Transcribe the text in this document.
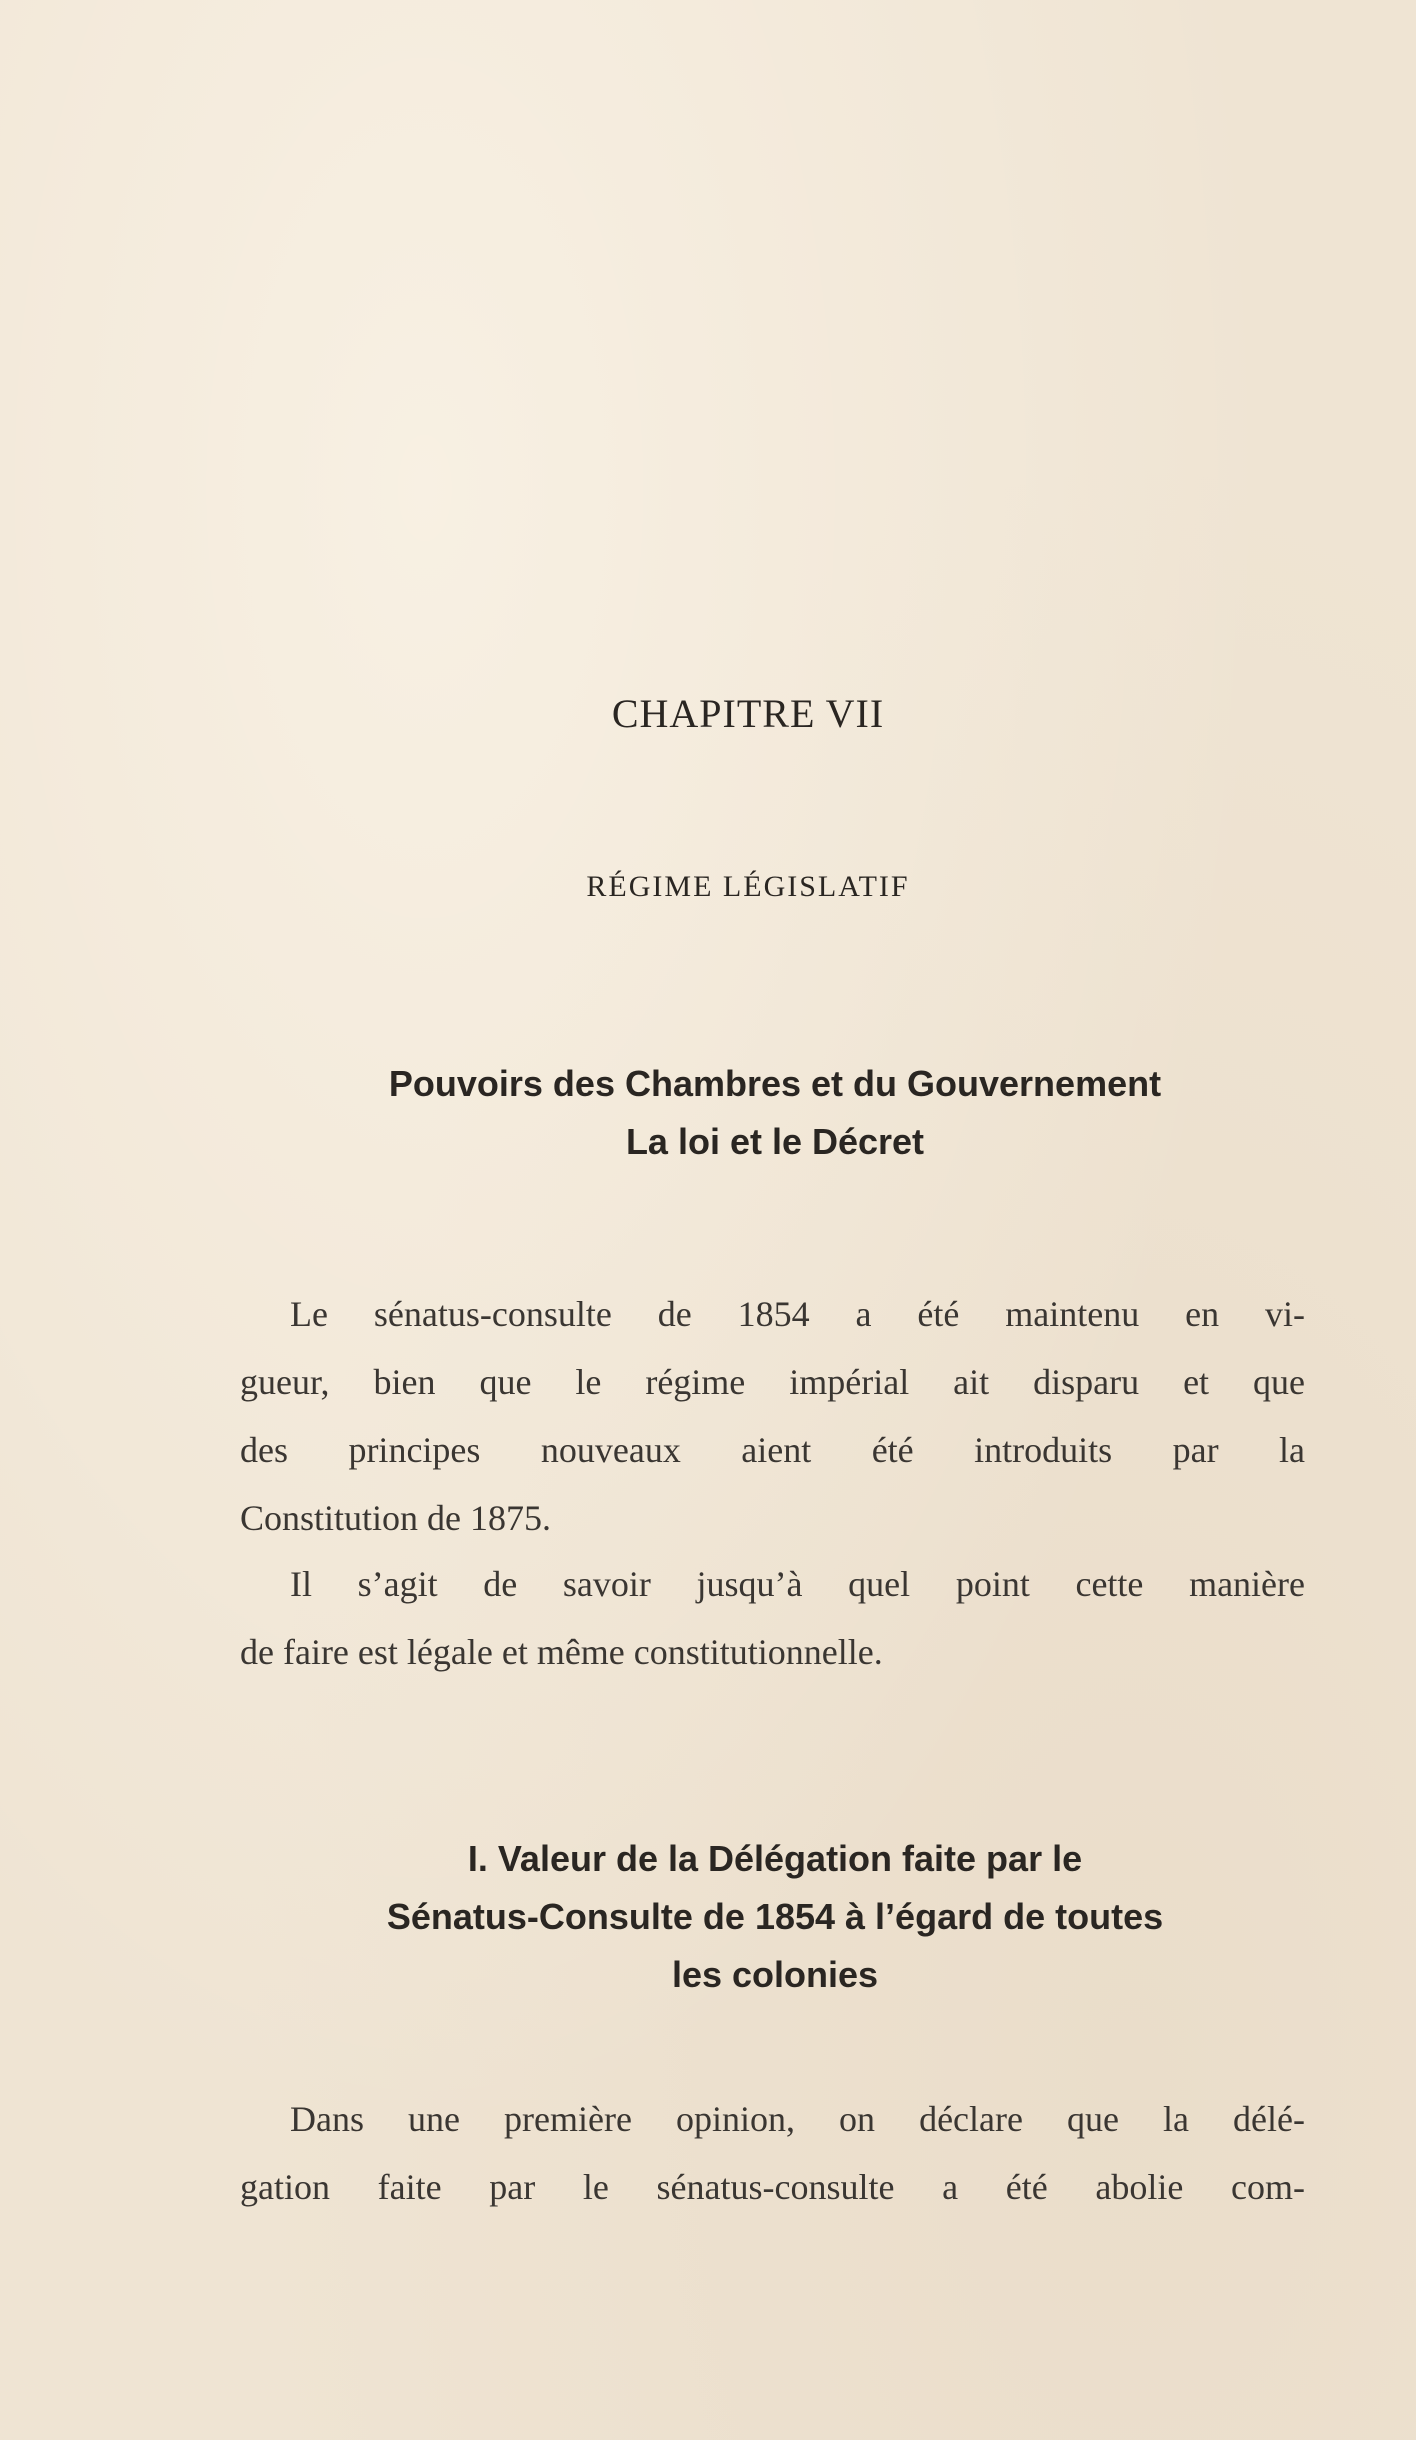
CHAPITRE VII
RÉGIME LÉGISLATIF
Pouvoirs des Chambres et du Gouvernement
La loi et le Décret
Le sénatus-consulte de 1854 a été maintenu en vi-
gueur, bien que le régime impérial ait disparu et que
des principes nouveaux aient été introduits par la
Constitution de 1875.
Il s’agit de savoir jusqu’à quel point cette manière
de faire est légale et même constitutionnelle.
I. Valeur de la Délégation faite par le
Sénatus-Consulte de 1854 à l’égard de toutes
les colonies
Dans une première opinion, on déclare que la délé-
gation faite par le sénatus-consulte a été abolie com-
